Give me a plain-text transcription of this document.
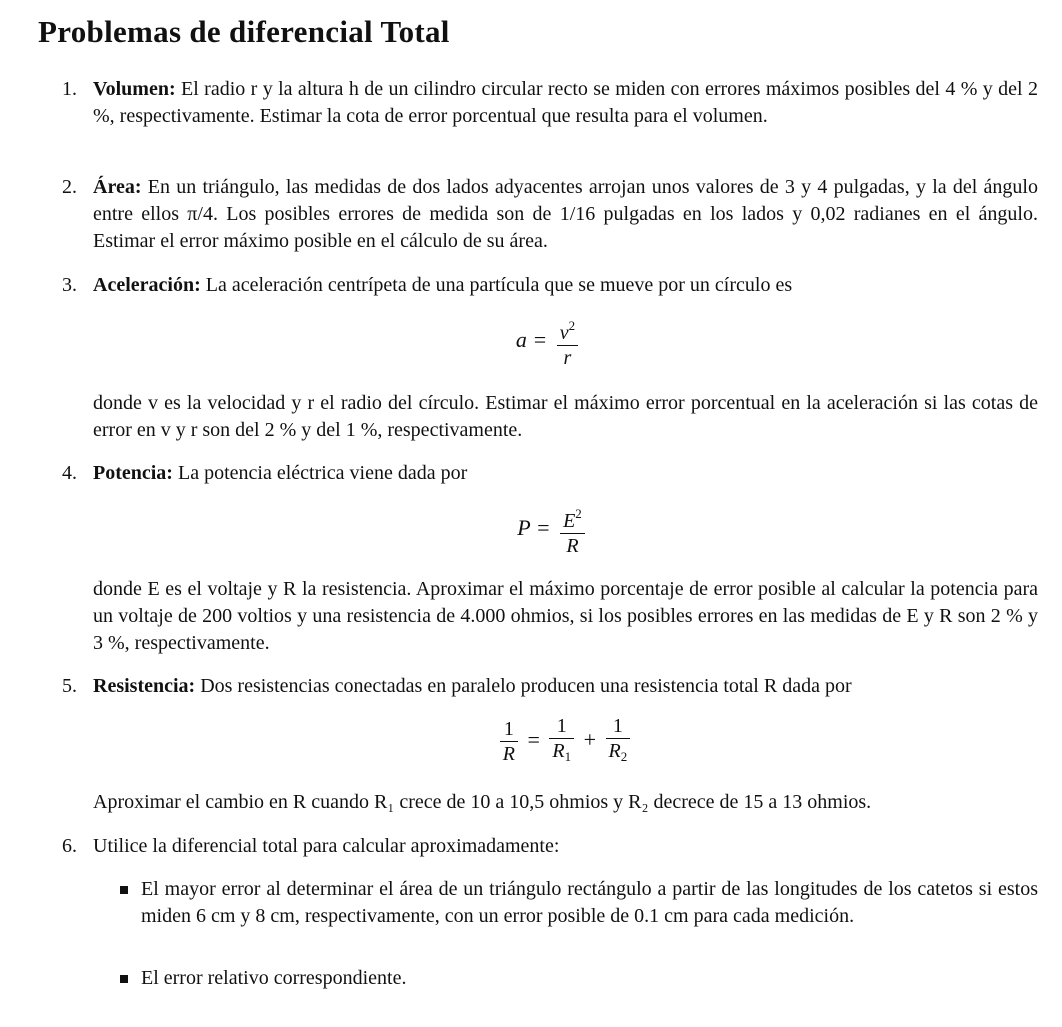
Problemas de diferencial Total
1. Volumen: El radio r y la altura h de un cilindro circular recto se miden con errores máximos posibles del 4 % y del 2 %, respectivamente. Estimar la cota de error porcentual que resulta para el volumen.
2. Área: En un triángulo, las medidas de dos lados adyacentes arrojan unos valores de 3 y 4 pulgadas, y la del ángulo entre ellos π/4. Los posibles errores de medida son de 1/16 pulgadas en los lados y 0,02 radianes en el ángulo. Estimar el error máximo posible en el cálculo de su área.
3. Aceleración: La aceleración centrípeta de una partícula que se mueve por un círculo es
$a = \frac{v^2}{r}$
donde v es la velocidad y r el radio del círculo. Estimar el máximo error porcentual en la aceleración si las cotas de error en v y r son del 2 % y del 1 %, respectivamente.
4. Potencia: La potencia eléctrica viene dada por
$P = \frac{E^2}{R}$
donde E es el voltaje y R la resistencia. Aproximar el máximo porcentaje de error posible al calcular la potencia para un voltaje de 200 voltios y una resistencia de 4.000 ohmios, si los posibles errores en las medidas de E y R son 2 % y 3 %, respectivamente.
5. Resistencia: Dos resistencias conectadas en paralelo producen una resistencia total R dada por
$\frac{1}{R} = \frac{1}{R_1} + \frac{1}{R_2}$
Aproximar el cambio en R cuando R₁ crece de 10 a 10,5 ohmios y R₂ decrece de 15 a 13 ohmios.
6. Utilice la diferencial total para calcular aproximadamente:
El mayor error al determinar el área de un triángulo rectángulo a partir de las longitudes de los catetos si estos miden 6 cm y 8 cm, respectivamente, con un error posible de 0.1 cm para cada medición.
El error relativo correspondiente.
